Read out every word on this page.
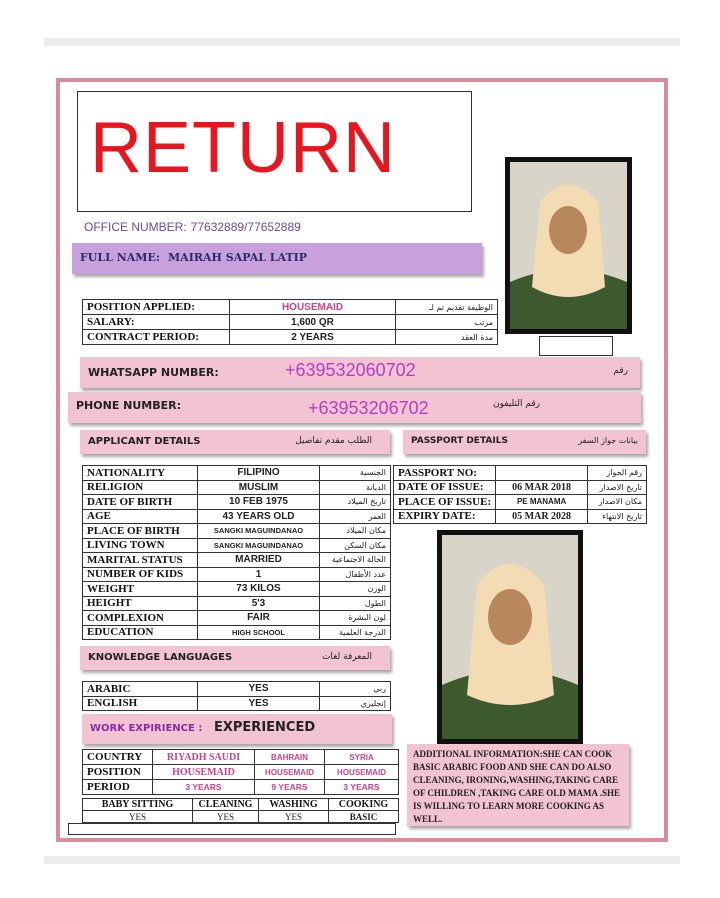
RETURN
OFFICE NUMBER: 77632889/77652889
FULL NAME: MAIRAH SAPAL LATIP
POSITION APPLIED:	HOUSEMAID	الوظيفة تقديم تم لـ
SALARY:	1,600 QR	مرتب
CONTRACT PERIOD:	2 YEARS	مدة العقد
WHATSAPP NUMBER:	+639532060702	رقم
PHONE NUMBER:	+63953206702	رقم التليفون
APPLICANT DETAILS	الطلب مقدم تفاصيل	PASSPORT DETAILS	بيانات جواز السفر
NATIONALITY	FILIPINO	الجنسية
RELIGION	MUSLIM	الديانة
DATE OF BIRTH	10 FEB 1975	تاريخ الميلاد
AGE	43 YEARS OLD	العمر
PLACE OF BIRTH	SANGKI MAGUINDANAO	مكان الميلاد
LIVING TOWN	SANGKI MAGUINDANAO	مكان السكن
MARITAL STATUS	MARRIED	الحالة الاجتماعية
NUMBER OF KIDS	1	عدد الأطفال
WEIGHT	73 KILOS	الوزن
HEIGHT	5'3	الطول
COMPLEXION	FAIR	لون البشرة
EDUCATION	HIGH SCHOOL	الدرجة العلمية
PASSPORT NO:		رقم الجواز
DATE OF ISSUE:	06 MAR 2018	تاريخ الاصدار
PLACE OF ISSUE:	PE MANAMA	مكان الاصدار
EXPIRY DATE:	05 MAR 2028	تاريخ الانتهاء
KNOWLEDGE LANGUAGES	المعرفة لغات
ARABIC	YES	ربي
ENGLISH	YES	إنجليزي
WORK EXPIRIENCE : EXPERIENCED
COUNTRY	RIYADH SAUDI	BAHRAIN	SYRIA
POSITION	HOUSEMAID	HOUSEMAID	HOUSEMAID
PERIOD	3 YEARS	9 YEARS	3 YEARS
BABY SITTING	CLEANING	WASHING	COOKING
YES	YES	YES	BASIC
ADDITIONAL INFORMATION:SHE CAN COOK BASIC ARABIC FOOD AND SHE CAN DO ALSO CLEANING, IRONING,WASHING,TAKING CARE OF CHILDREN ,TAKING CARE OLD MAMA .SHE IS WILLING TO LEARN MORE COOKING AS WELL.
